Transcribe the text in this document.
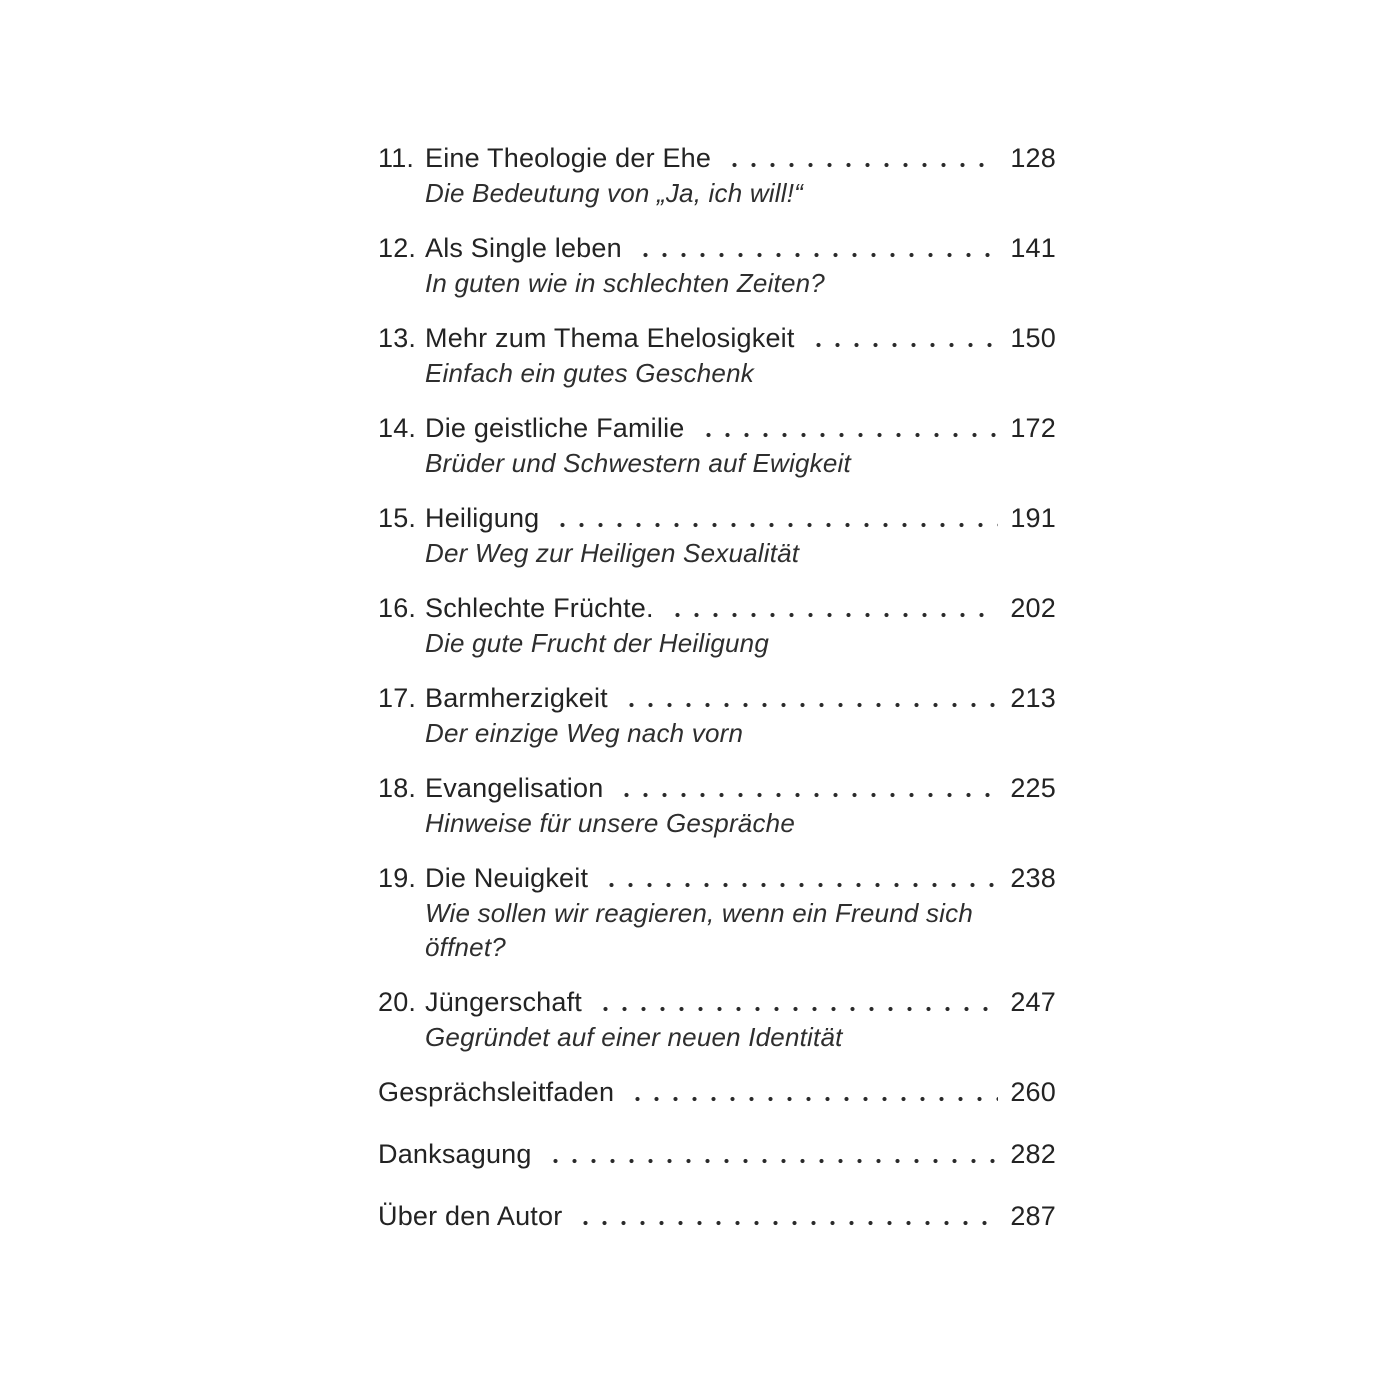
11. Eine Theologie der Ehe	128
Die Bedeutung von „Ja, ich will!“
12. Als Single leben	141
In guten wie in schlechten Zeiten?
13. Mehr zum Thema Ehelosigkeit	150
Einfach ein gutes Geschenk
14. Die geistliche Familie	172
Brüder und Schwestern auf Ewigkeit
15. Heiligung	191
Der Weg zur Heiligen Sexualität
16. Schlechte Früchte.	202
Die gute Frucht der Heiligung
17. Barmherzigkeit	213
Der einzige Weg nach vorn
18. Evangelisation	225
Hinweise für unsere Gespräche
19. Die Neuigkeit	238
Wie sollen wir reagieren, wenn ein Freund sich öffnet?
20. Jüngerschaft	247
Gegründet auf einer neuen Identität
Gesprächsleitfaden	260
Danksagung	282
Über den Autor	287
